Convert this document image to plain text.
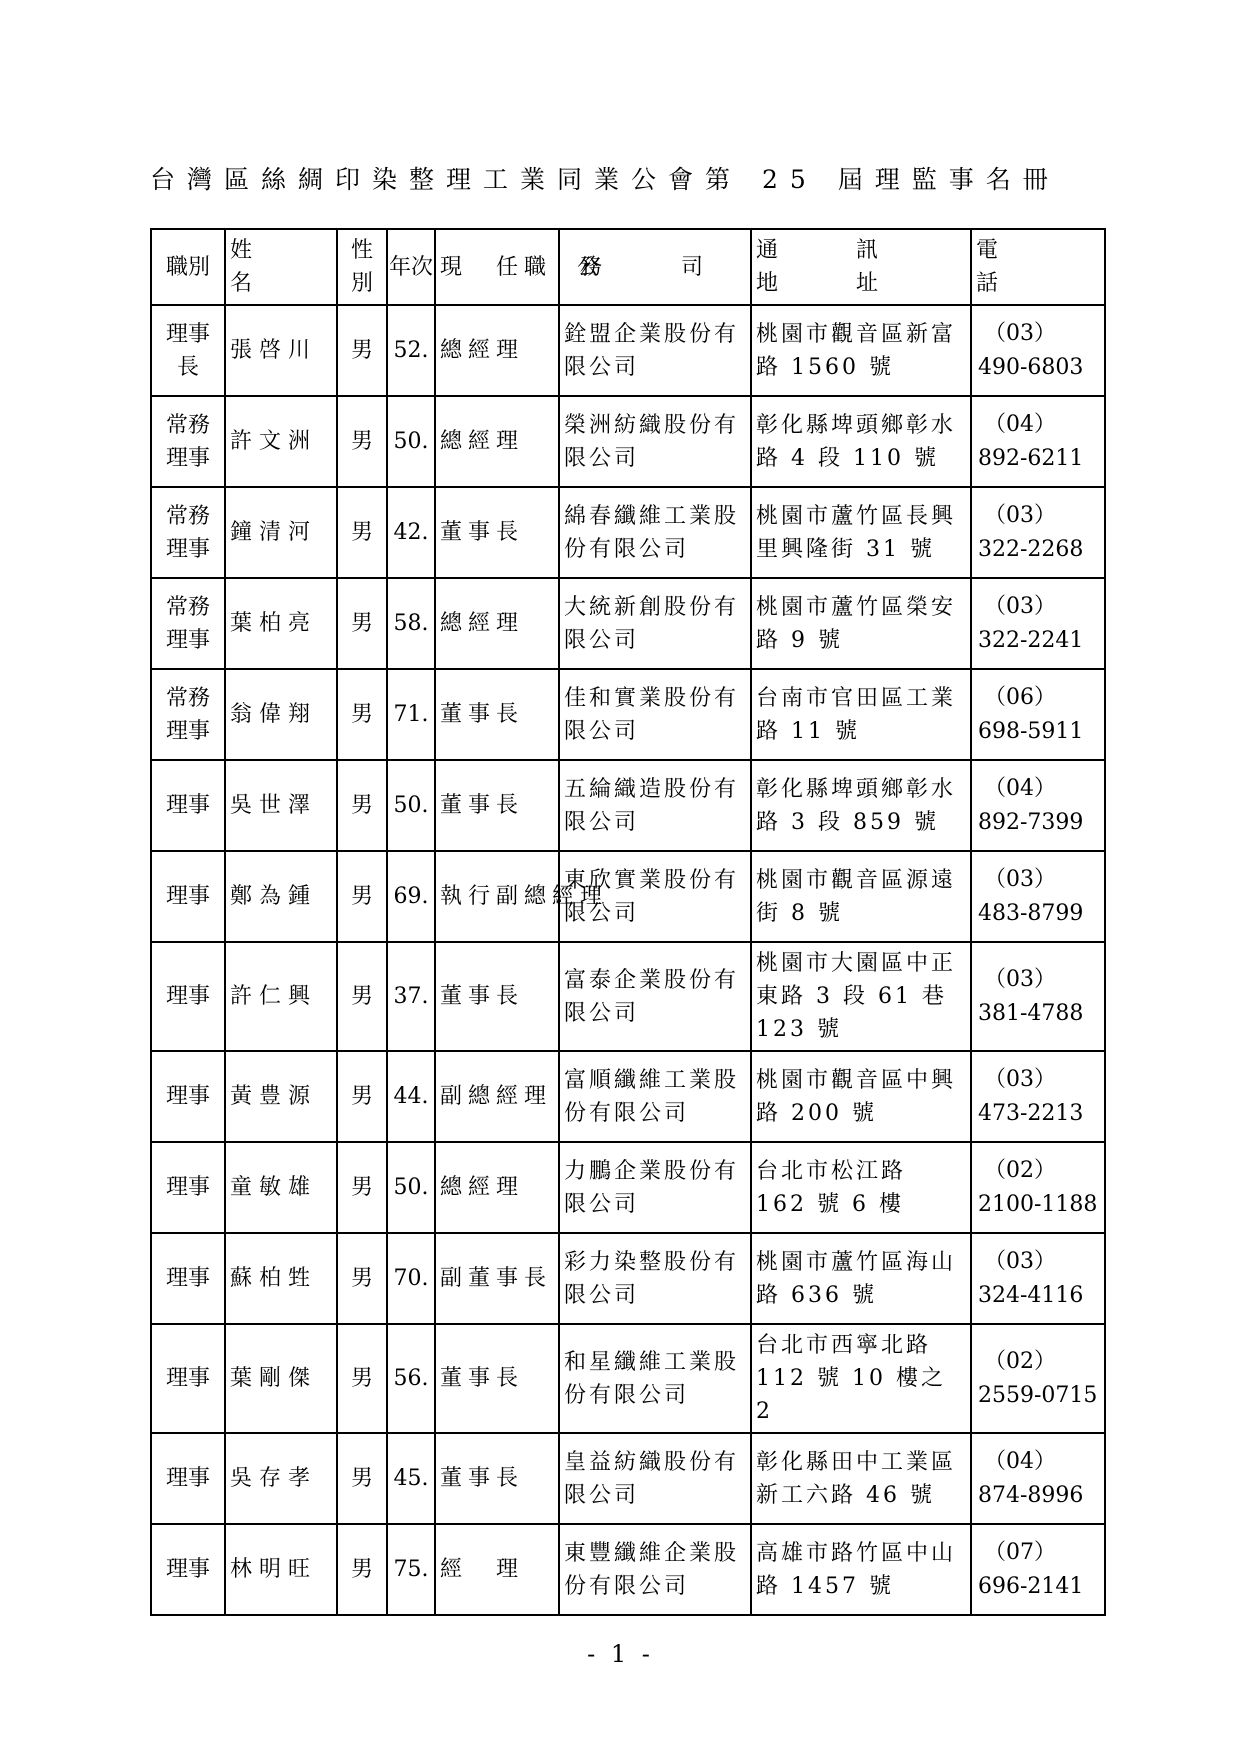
台灣區絲綢印染整理工業同業公會第 25 屆理監事名冊
職別	姓　名	性別	年次	現　任職　務	公　司	通　訊　地　址	電　話
理事長	張啓川	男	52.	總經理	銓盟企業股份有限公司	桃園市觀音區新富路 1560 號	（03）
490-6803
常務理事	許文洲	男	50.	總經理	榮洲紡織股份有限公司	彰化縣埤頭鄉彰水路 4 段 110 號	（04）
892-6211
常務理事	鐘清河	男	42.	董事長	綿春纖維工業股份有限公司	桃園市蘆竹區長興里興隆街 31 號	（03）
322-2268
常務理事	葉柏亮	男	58.	總經理	大統新創股份有限公司	桃園市蘆竹區榮安路 9 號	（03）
322-2241
常務理事	翁偉翔	男	71.	董事長	佳和實業股份有限公司	台南市官田區工業路 11 號	（06）
698-5911
理事	吳世澤	男	50.	董事長	五綸織造股份有限公司	彰化縣埤頭鄉彰水路 3 段 859 號	（04）
892-7399
理事	鄭為鍾	男	69.	執行副總經理	東欣實業股份有限公司	桃園市觀音區源遠街 8 號	（03）
483-8799
理事	許仁興	男	37.	董事長	富泰企業股份有限公司	桃園市大園區中正東路 3 段 61 巷 123 號	（03）
381-4788
理事	黃豊源	男	44.	副總經理	富順纖維工業股份有限公司	桃園市觀音區中興路 200 號	（03）
473-2213
理事	童敏雄	男	50.	總經理	力鵬企業股份有限公司	台北市松江路 162 號 6 樓	（02）
2100-1188
理事	蘇柏甡	男	70.	副董事長	彩力染整股份有限公司	桃園市蘆竹區海山路 636 號	（03）
324-4116
理事	葉剛傑	男	56.	董事長	和星纖維工業股份有限公司	台北市西寧北路 112 號 10 樓之 2	（02）
2559-0715
理事	吳存孝	男	45.	董事長	皇益紡織股份有限公司	彰化縣田中工業區新工六路 46 號	（04）
874-8996
理事	林明旺	男	75.	經　理	東豐纖維企業股份有限公司	高雄市路竹區中山路 1457 號	（07）
696-2141
- 1 -
